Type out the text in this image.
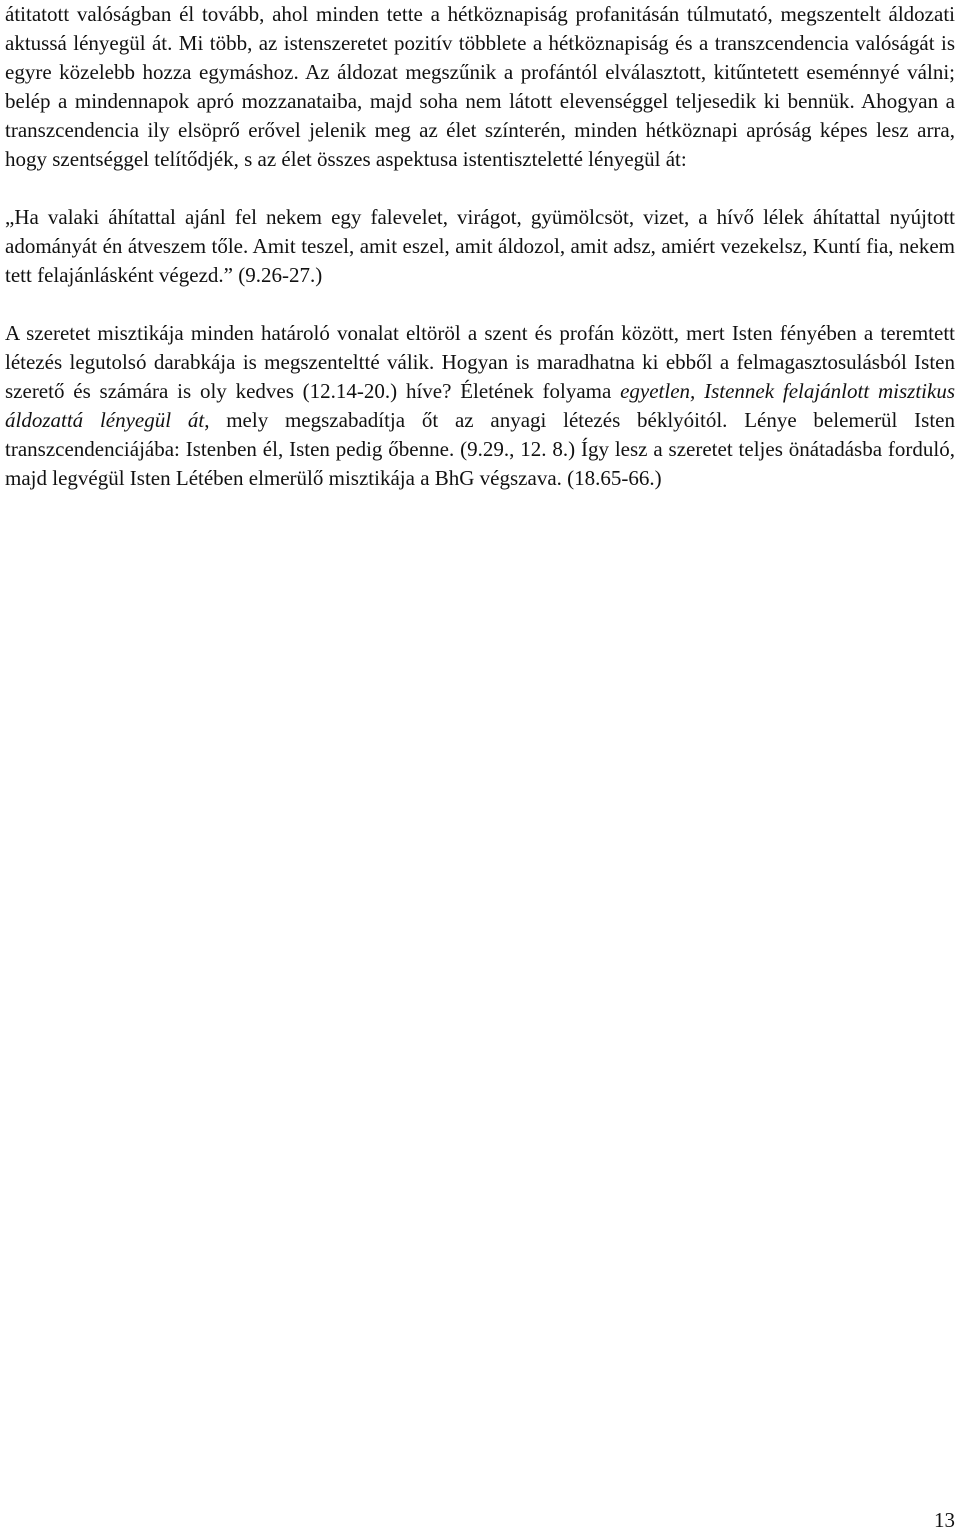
átitatott valóságban él tovább, ahol minden tette a hétköznapiság profanitásán túlmutató, megszentelt áldozati aktussá lényegül át. Mi több, az istenszeretet pozitív többlete a hétköznapiság és a transzcendencia valóságát is egyre közelebb hozza egymáshoz. Az áldozat megszűnik a profántól elválasztott, kitűntetett eseménnyé válni; belép a mindennapok apró mozzanataiba, majd soha nem látott elevenséggel teljesedik ki bennük. Ahogyan a transzcendencia ily elsöprő erővel jelenik meg az élet színterén, minden hétköznapi apróság képes lesz arra, hogy szentséggel telítődjék, s az élet összes aspektusa istentiszteletté lényegül át:

„Ha valaki áhítattal ajánl fel nekem egy falevelet, virágot, gyümölcsöt, vizet, a hívő lélek áhítattal nyújtott adományát én átveszem tőle. Amit teszel, amit eszel, amit áldozol, amit adsz, amiért vezekelsz, Kuntí fia, nekem tett felajánlásként végezd.” (9.26-27.)

A szeretet misztikája minden határoló vonalat eltöröl a szent és profán között, mert Isten fényében a teremtett létezés legutolsó darabkája is megszenteltté válik. Hogyan is maradhatna ki ebből a felmagasztosulásból Isten szerető és számára is oly kedves (12.14-20.) híve? Életének folyama egyetlen, Istennek felajánlott misztikus áldozattá lényegül át, mely megszabadítja őt az anyagi létezés béklyóitól. Lénye belemerül Isten transzcendenciájába: Istenben él, Isten pedig őbenne. (9.29., 12. 8.) Így lesz a szeretet teljes önátadásba forduló, majd legvégül Isten Létében elmerülő misztikája a BhG végszava. (18.65-66.)

13
